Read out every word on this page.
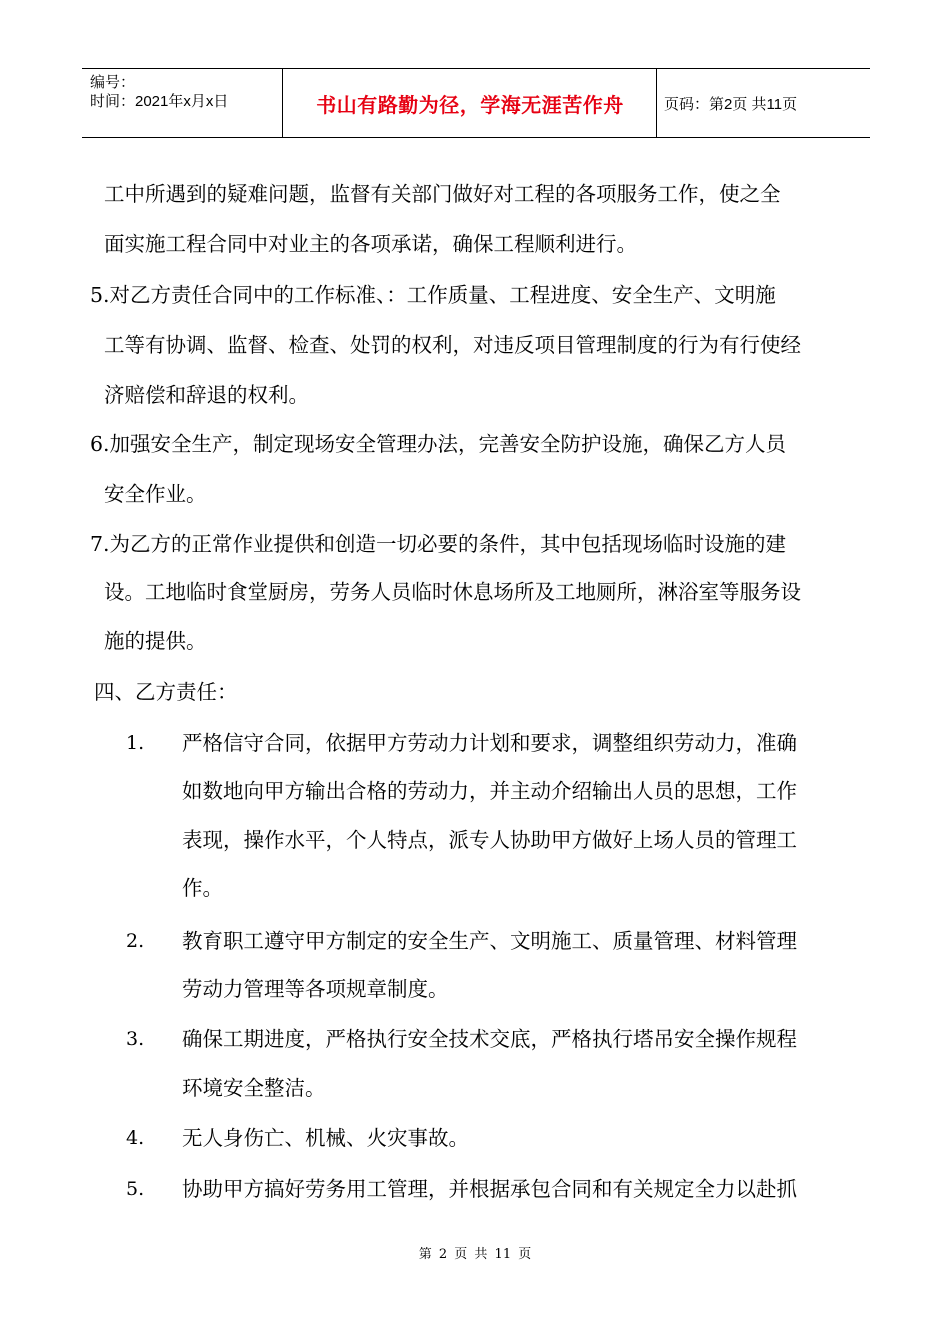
编号：
时间：2021年x月x日	书山有路勤为径，学海无涯苦作舟	页码：第2页 共11页
工中所遇到的疑难问题，监督有关部门做好对工程的各项服务工作，使之全
面实施工程合同中对业主的各项承诺，确保工程顺利进行。
5.对乙方责任合同中的工作标准、：工作质量、工程进度、安全生产、文明施
工等有协调、监督、检查、处罚的权利，对违反项目管理制度的行为有行使经
济赔偿和辞退的权利。
6.加强安全生产，制定现场安全管理办法，完善安全防护设施，确保乙方人员
安全作业。
7.为乙方的正常作业提供和创造一切必要的条件，其中包括现场临时设施的建
设。工地临时食堂厨房，劳务人员临时休息场所及工地厕所，淋浴室等服务设
施的提供。
四、乙方责任：
1. 严格信守合同，依据甲方劳动力计划和要求，调整组织劳动力，准确
如数地向甲方输出合格的劳动力，并主动介绍输出人员的思想，工作
表现，操作水平，个人特点，派专人协助甲方做好上场人员的管理工
作。
2. 教育职工遵守甲方制定的安全生产、文明施工、质量管理、材料管理
劳动力管理等各项规章制度。
3. 确保工期进度，严格执行安全技术交底，严格执行塔吊安全操作规程
环境安全整洁。
4. 无人身伤亡、机械、火灾事故。
5. 协助甲方搞好劳务用工管理，并根据承包合同和有关规定全力以赴抓
第 2 页 共 11 页
